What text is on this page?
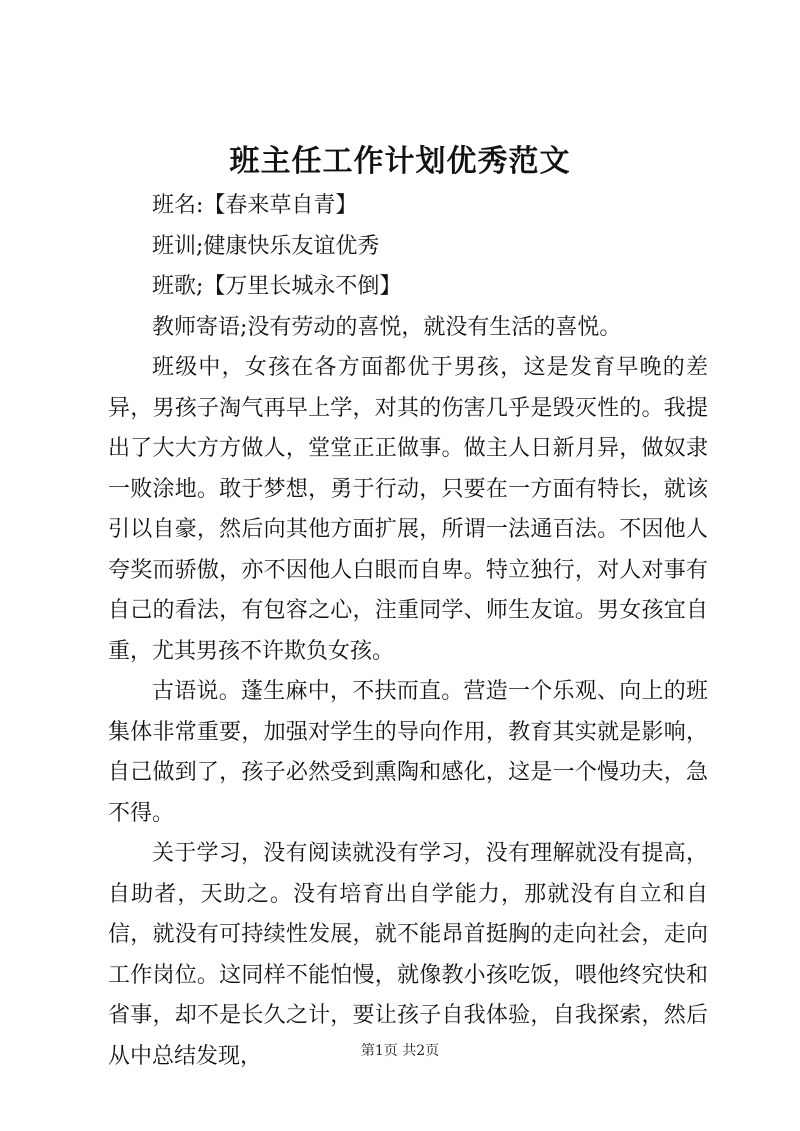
班主任工作计划优秀范文

班名:【春来草自青】

班训;健康快乐友谊优秀

班歌;【万里长城永不倒】

教师寄语;没有劳动的喜悦，就没有生活的喜悦。

班级中，女孩在各方面都优于男孩，这是发育早晚的差异，男孩子淘气再早上学，对其的伤害几乎是毁灭性的。我提出了大大方方做人，堂堂正正做事。做主人日新月异，做奴隶一败涂地。敢于梦想，勇于行动，只要在一方面有特长，就该引以自豪，然后向其他方面扩展，所谓一法通百法。不因他人夸奖而骄傲，亦不因他人白眼而自卑。特立独行，对人对事有自己的看法，有包容之心，注重同学、师生友谊。男女孩宜自重，尤其男孩不许欺负女孩。

古语说。蓬生麻中，不扶而直。营造一个乐观、向上的班集体非常重要，加强对学生的导向作用，教育其实就是影响，自己做到了，孩子必然受到熏陶和感化，这是一个慢功夫，急不得。

关于学习，没有阅读就没有学习，没有理解就没有提高，自助者，天助之。没有培育出自学能力，那就没有自立和自信，就没有可持续性发展，就不能昂首挺胸的走向社会，走向工作岗位。这同样不能怕慢，就像教小孩吃饭，喂他终究快和省事，却不是长久之计，要让孩子自我体验，自我探索，然后从中总结发现，	第1页 共2页
